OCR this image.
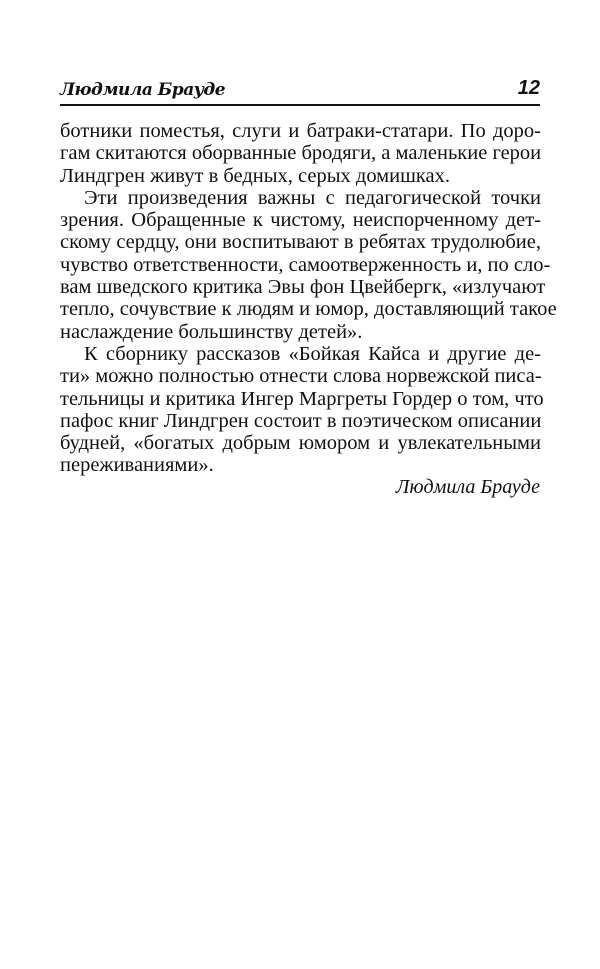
Людмила Брауде	12
ботники поместья, слуги и батраки-статари. По доро-
гам скитаются оборванные бродяги, а маленькие герои
Линдгрен живут в бедных, серых домишках.
Эти произведения важны с педагогической точки
зрения. Обращенные к чистому, неиспорченному дет-
скому сердцу, они воспитывают в ребятах трудолюбие,
чувство ответственности, самоотверженность и, по сло-
вам шведского критика Эвы фон Цвейбергк, «излучают
тепло, сочувствие к людям и юмор, доставляющий такое
наслаждение большинству детей».
К сборнику рассказов «Бойкая Кайса и другие де-
ти» можно полностью отнести слова норвежской писа-
тельницы и критика Ингер Маргреты Гордер о том, что
пафос книг Линдгрен состоит в поэтическом описании
будней, «богатых добрым юмором и увлекательными
переживаниями».
Людмила Брауде
